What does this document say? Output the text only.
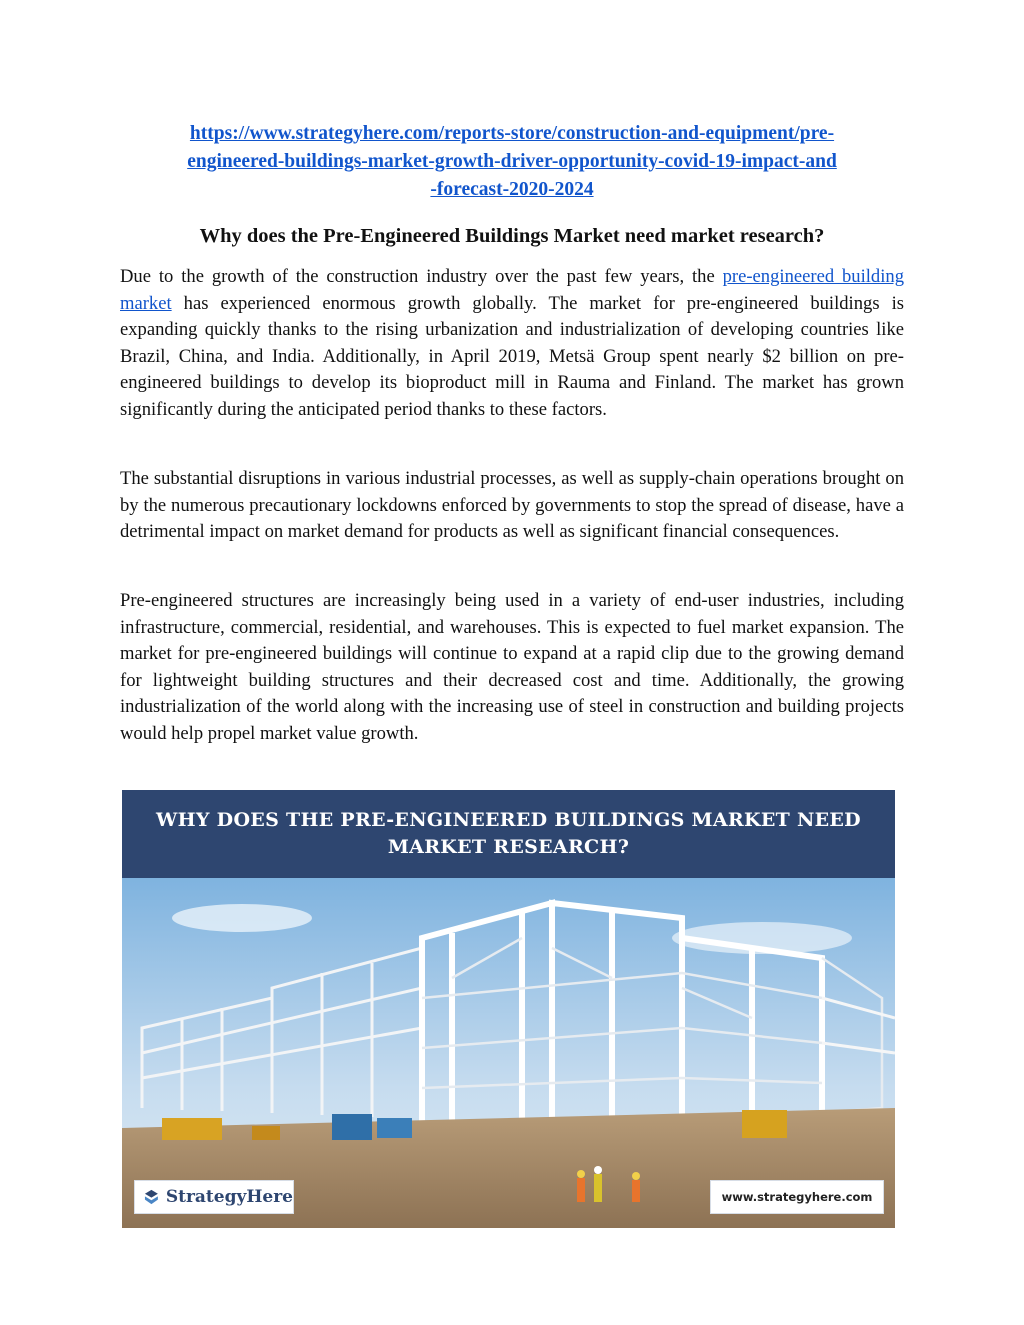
https://www.strategyhere.com/reports-store/construction-and-equipment/pre-
engineered-buildings-market-growth-driver-opportunity-covid-19-impact-and
-forecast-2020-2024

Why does the Pre-Engineered Buildings Market need market research?

Due to the growth of the construction industry over the past few years, the pre-engineered building market has experienced enormous growth globally. The market for pre-engineered buildings is expanding quickly thanks to the rising urbanization and industrialization of developing countries like Brazil, China, and India. Additionally, in April 2019, Metsä Group spent nearly $2 billion on pre-engineered buildings to develop its bioproduct mill in Rauma and Finland. The market has grown significantly during the anticipated period thanks to these factors.

The substantial disruptions in various industrial processes, as well as supply-chain operations brought on by the numerous precautionary lockdowns enforced by governments to stop the spread of disease, have a detrimental impact on market demand for products as well as significant financial consequences.

Pre-engineered structures are increasingly being used in a variety of end-user industries, including infrastructure, commercial, residential, and warehouses. This is expected to fuel market expansion. The market for pre-engineered buildings will continue to expand at a rapid clip due to the growing demand for lightweight building structures and their decreased cost and time. Additionally, the growing industrialization of the world along with the increasing use of steel in construction and building projects would help propel market value growth.

WHY DOES THE PRE-ENGINEERED BUILDINGS MARKET NEED MARKET RESEARCH?
StrategyHere	www.strategyhere.com
